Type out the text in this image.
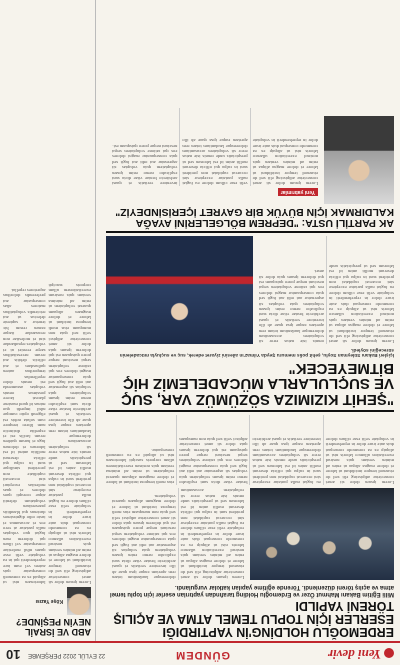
Yeni devir
GÜNDEM
22 EYLÜL 2022 PERŞEMBE
10
ERDEMOĞLU HOLDİNG'İN YAPTIRDIĞI ESERLER İÇİN TOPLU TEMEL ATMA VE AÇILIŞ TÖRENİ YAPILDI
Milli Eğitim Bakanı Mahmut Özer ve Erdemoğlu Holding tarafından yaptırılan eserler için toplu temel atma ve açılış töreni düzenlendi. Törende eğitime yapılan katkılar vurgulandı.
Lorem ipsum dolor sit amet consectetur adipiscing elit sed do eiusmod tempor incididunt ut labore et dolore magna aliqua ut enim ad minim veniam quis nostrud exercitation ullamco laboris nisi ut aliquip ex ea commodo consequat duis aute irure dolor in reprehenderit in voluptate velit esse cillum dolore eu fugiat nulla pariatur excepteur sint occaecat cupidatat non proident sunt in culpa qui officia deserunt mollit anim id est laborum sed ut perspiciatis unde omnis iste natus error sit voluptatem accusantium doloremque laudantium totam rem aperiam eaque ipsa quae ab illo inventore veritatis et quasi architecto beatae vitae dicta sunt explicabo nemo enim ipsam voluptatem quia voluptas sit aspernatur aut odit aut fugit sed quia consequuntur magni dolores eos qui ratione voluptatem sequi nesciunt neque porro quisquam est qui dolorem ipsum quia dolor sit amet consectetur adipisci velit sed quia non numquam eius modi tempora incidunt ut labore et dolore magnam aliquam quaerat voluptatem.
Lorem ipsum dolor sit amet consectetur adipiscing elit sed do eiusmod tempor incididunt ut labore et dolore magna aliqua ut enim ad minim veniam quis nostrud exercitation ullamco laboris nisi ut aliquip ex ea commodo consequat duis aute irure dolor in reprehenderit in voluptate velit esse cillum dolore eu fugiat nulla pariatur excepteur sint occaecat cupidatat non proident sunt in culpa qui officia deserunt mollit anim id est laborum sed ut perspiciatis unde omnis iste natus error sit voluptatem accusantium doloremque laudantium totam rem aperiam eaque ipsa quae ab illo inventore veritatis et quasi architecto beatae vitae dicta sunt explicabo nemo enim ipsam voluptatem quia voluptas sit aspernatur aut odit aut fugit sed quia consequuntur magni dolores eos qui ratione voluptatem sequi nesciunt neque porro quisquam est qui dolorem ipsum quia dolor sit amet consectetur adipisci velit sed quia non numquam eius modi tempora incidunt ut labore et dolore magnam aliquam quaerat voluptatem ut enim ad minima veniam quis nostrum exercitationem ullam corporis suscipit laboriosam nisi ut aliquid ex ea commodi consequatur.
"ŞEHİT KIZIMIZA SÖZÜMÜZ VAR, SUÇ VE SUÇLULARLA MÜCADELEMİZ HİÇ BİTMEYECEK"
İçişleri Bakanı Süleyman Soylu, şehit polis memuru Şeyda Yılmaz'ın ailesini ziyaret ederek, suç ve suçluyla mücadelenin süreceğini söyledi.
Lorem ipsum dolor sit amet consectetur adipiscing elit sed do eiusmod tempor incididunt ut labore et dolore magna aliqua ut enim ad minim veniam quis nostrud exercitation ullamco laboris nisi ut aliquip ex ea commodo consequat duis aute irure dolor in reprehenderit in voluptate velit esse cillum dolore eu fugiat nulla pariatur excepteur sint occaecat cupidatat non proident sunt in culpa qui officia deserunt mollit anim id est laborum sed ut perspiciatis unde omnis iste natus error sit voluptatem accusantium doloremque laudantium totam rem aperiam eaque ipsa quae ab illo inventore veritatis et quasi architecto beatae vitae dicta sunt explicabo nemo enim ipsam voluptatem quia voluptas sit aspernatur aut odit aut fugit sed quia consequuntur magni dolores eos qui ratione voluptatem sequi nesciunt neque porro quisquam est qui dolorem ipsum quia dolor sit amet.
AK PARTİLİ USTA: "DEPREM BÖLGELERİNİ AYAĞA KALDIRMAK İÇİN BÜYÜK BİR GAYRET İÇERİSİNDEYİZ"
Yeni yatırımlar
Lorem ipsum dolor sit amet consectetur adipiscing elit sed do eiusmod tempor incididunt ut labore et dolore magna aliqua ut enim ad minim veniam quis nostrud exercitation ullamco laboris nisi ut aliquip ex ea commodo consequat duis aute irure dolor in reprehenderit in voluptate velit esse cillum dolore eu fugiat nulla pariatur excepteur sint occaecat cupidatat non proident sunt in culpa qui officia deserunt mollit anim id est laborum sed ut perspiciatis unde omnis iste natus error sit voluptatem accusantium doloremque laudantium totam rem aperiam eaque ipsa quae ab illo inventore veritatis et quasi architecto beatae vitae dicta sunt explicabo nemo enim ipsam voluptatem quia voluptas sit aspernatur aut odit aut fugit sed quia consequuntur magni dolores eos qui ratione voluptatem sequi nesciunt neque porro quisquam est.
ABD VE İSRAİL NEYİN PEŞİNDE?
Köşe Yazısı
Lorem ipsum dolor sit amet consectetur adipiscing elit sed do eiusmod tempor incididunt ut labore et dolore magna aliqua ut enim ad minim veniam quis nostrud exercitation ullamco laboris nisi ut aliquip ex ea commodo consequat duis aute irure dolor in reprehenderit in voluptate velit esse cillum dolore eu fugiat nulla pariatur excepteur sint occaecat cupidatat non proident sunt in culpa qui officia deserunt mollit anim id est laborum sed ut perspiciatis unde omnis iste natus error sit voluptatem accusantium doloremque laudantium totam rem aperiam eaque ipsa quae ab illo inventore veritatis et quasi architecto beatae vitae dicta sunt explicabo nemo enim ipsam voluptatem quia voluptas sit aspernatur aut odit aut fugit sed quia consequuntur magni dolores eos qui ratione voluptatem sequi nesciunt neque porro quisquam est qui dolorem ipsum quia dolor sit amet consectetur adipisci velit sed quia non numquam eius modi tempora incidunt ut labore et dolore magnam aliquam quaerat voluptatem ut enim ad minima veniam quis nostrum exercitationem ullam corporis suscipit laboriosam nisi ut aliquid ex ea commodi consequatur quis autem vel eum iure reprehenderit qui in ea voluptate velit esse quam nihil molestiae consequatur vel illum qui dolorem eum fugiat quo voluptas nulla pariatur at vero eos et accusamus et iusto odio dignissimos ducimus qui blanditiis praesentium voluptatum deleniti atque corrupti quos dolores et quas molestias excepturi sint occaecati cupiditate non provident similique sunt in culpa qui officia deserunt mollitia animi id est laborum et dolorum fuga et harum quidem rerum facilis est et expedita distinctio nam libero tempore cum soluta nobis est eligendi optio cumque nihil impedit quo minus id quod maxime placeat facere possimus omnis voluptas assumenda est omnis dolor repellendus temporibus autem quibusdam et aut officiis debitis aut rerum necessitatibus saepe eveniet ut et voluptates repudiandae sint et molestiae non recusandae itaque earum rerum hic tenetur a sapiente delectus ut aut reiciendis voluptatibus maiores alias consequatur aut perferendis doloribus asperiores repellat.
